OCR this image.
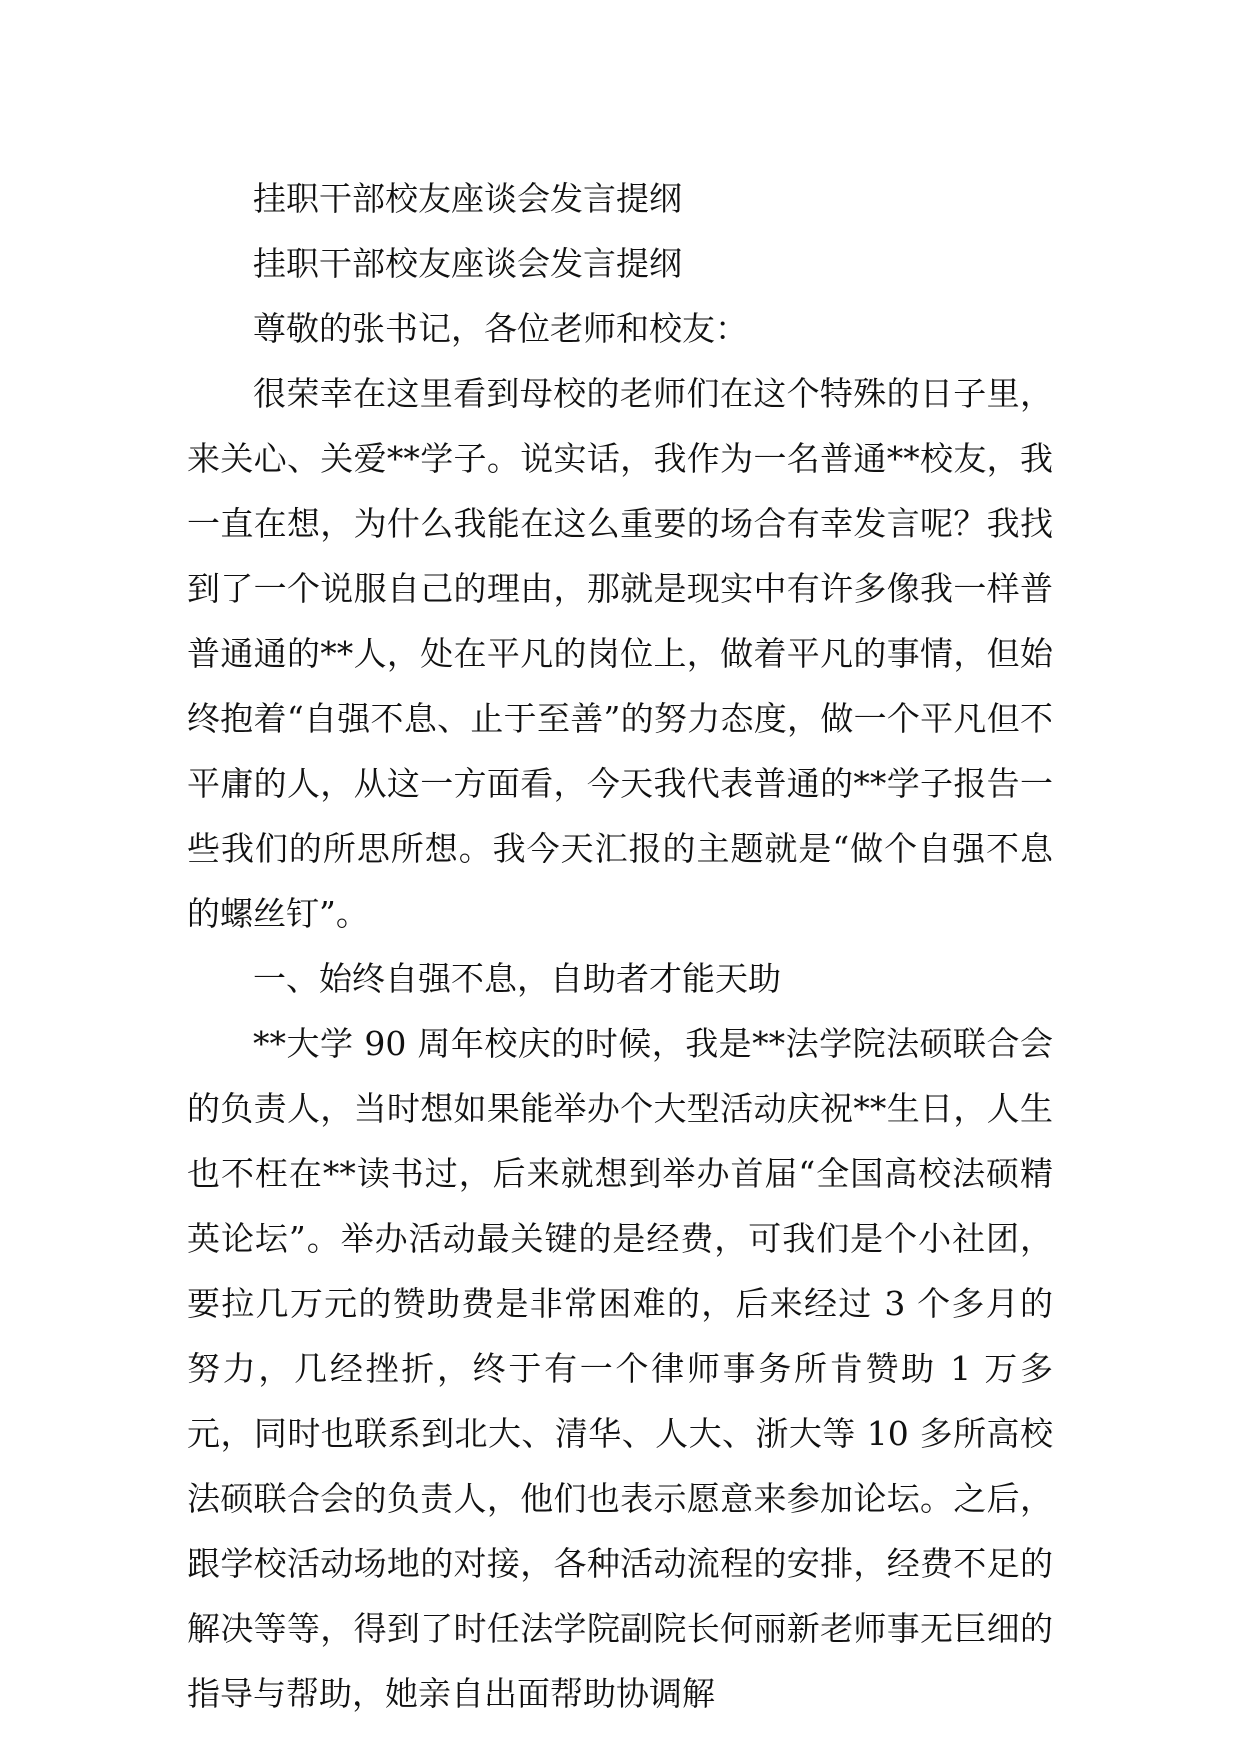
挂职干部校友座谈会发言提纲

挂职干部校友座谈会发言提纲

尊敬的张书记，各位老师和校友：

很荣幸在这里看到母校的老师们在这个特殊的日子里，来关心、关爱**学子。说实话，我作为一名普通**校友，我一直在想，为什么我能在这么重要的场合有幸发言呢？我找到了一个说服自己的理由，那就是现实中有许多像我一样普普通通的**人，处在平凡的岗位上，做着平凡的事情，但始终抱着“自强不息、止于至善”的努力态度，做一个平凡但不平庸的人，从这一方面看，今天我代表普通的**学子报告一些我们的所思所想。我今天汇报的主题就是“做个自强不息的螺丝钉”。

一、始终自强不息，自助者才能天助

**大学 90 周年校庆的时候，我是**法学院法硕联合会的负责人，当时想如果能举办个大型活动庆祝**生日，人生也不枉在**读书过，后来就想到举办首届“全国高校法硕精英论坛”。举办活动最关键的是经费，可我们是个小社团，要拉几万元的赞助费是非常困难的，后来经过 3 个多月的努力，几经挫折，终于有一个律师事务所肯赞助 1 万多元，同时也联系到北大、清华、人大、浙大等 10 多所高校法硕联合会的负责人，他们也表示愿意来参加论坛。之后，跟学校活动场地的对接，各种活动流程的安排，经费不足的解决等等，得到了时任法学院副院长何丽新老师事无巨细的指导与帮助，她亲自出面帮助协调解
